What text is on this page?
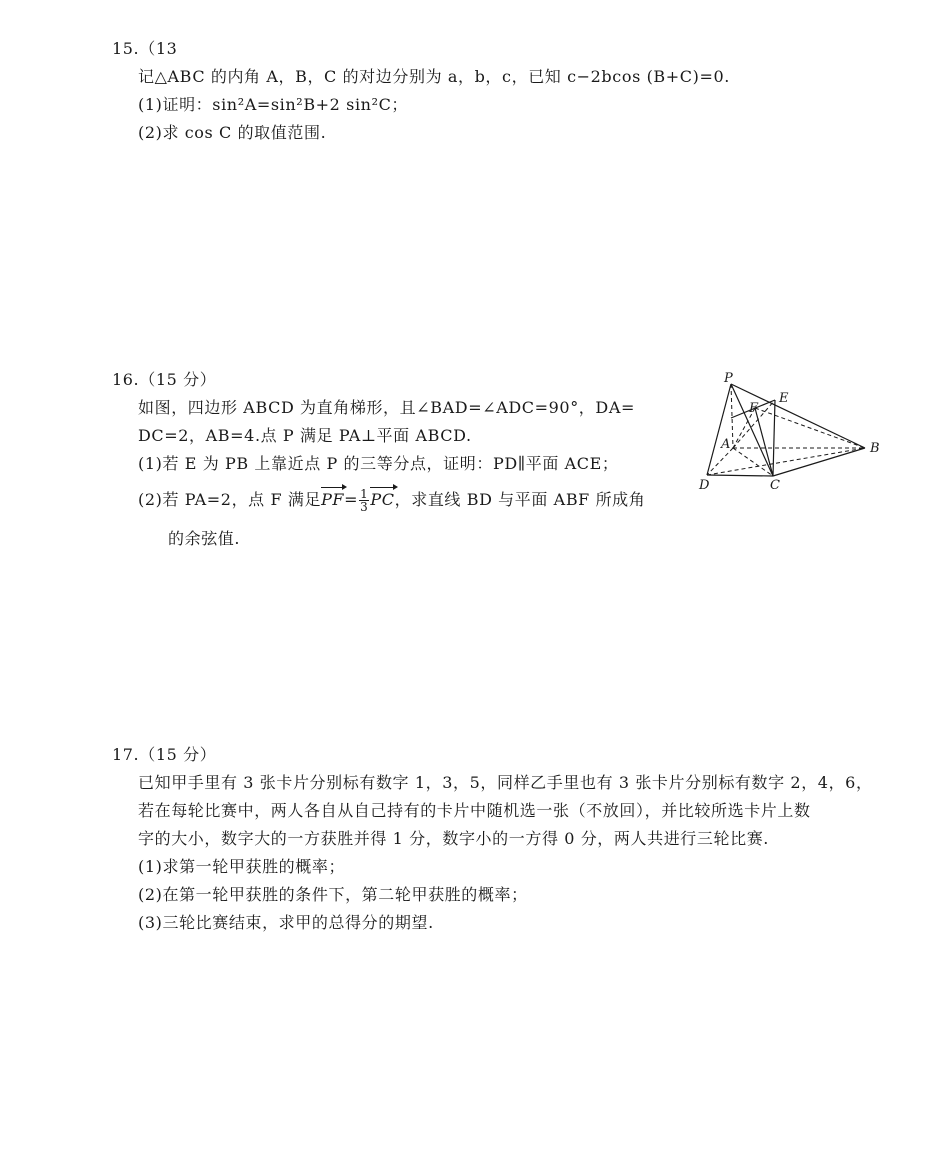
15.（13
记△ABC 的内角 A，B，C 的对边分别为 a，b，c，已知 c−2bcos (B+C)=0.
(1)证明：sin²A=sin²B+2 sin²C；
(2)求 cos C 的取值范围.
16.（15 分）
如图，四边形 ABCD 为直角梯形，且∠BAD=∠ADC=90°，DA=
DC=2，AB=4.点 P 满足 PA⊥平面 ABCD.
(1)若 E 为 PB 上靠近点 P 的三等分点，证明：PD∥平面 ACE；
(2)若 PA=2，点 F 满足$PF= \frac{1}{3}$ PC，求直线 BD 与平面 ABF 所成角
的余弦值.
P
E
F
A	B
C
D
17.（15 分）
已知甲手里有 3 张卡片分别标有数字 1，3，5，同样乙手里也有 3 张卡片分别标有数字 2，4，6，
若在每轮比赛中，两人各自从自己持有的卡片中随机选一张（不放回），并比较所选卡片上数
字的大小，数字大的一方获胜并得 1 分，数字小的一方得 0 分，两人共进行三轮比赛.
(1)求第一轮甲获胜的概率；
(2)在第一轮甲获胜的条件下，第二轮甲获胜的概率；
(3)三轮比赛结束，求甲的总得分的期望.
